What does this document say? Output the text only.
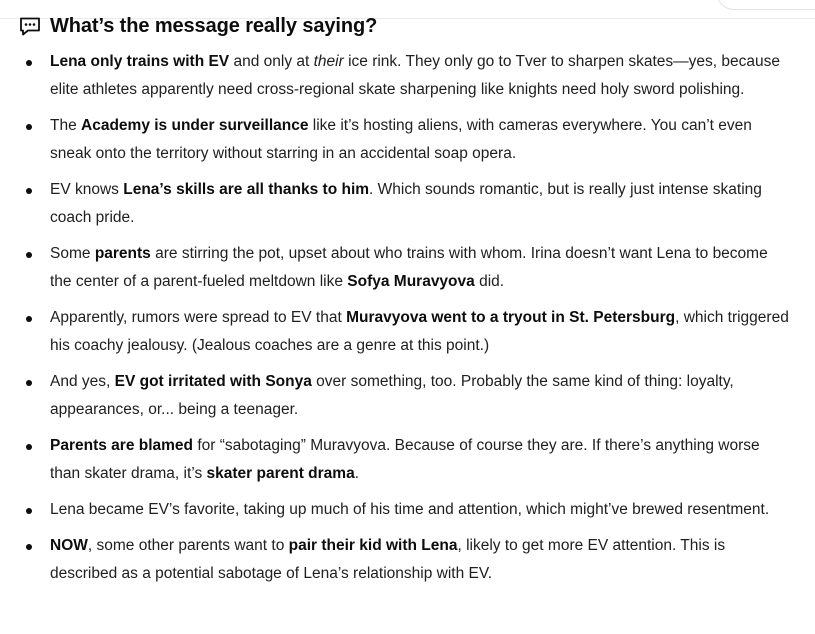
What’s the message really saying?
Lena only trains with EV and only at their ice rink. They only go to Tver to sharpen skates—yes, because elite athletes apparently need cross-regional skate sharpening like knights need holy sword polishing.
The Academy is under surveillance like it’s hosting aliens, with cameras everywhere. You can’t even sneak onto the territory without starring in an accidental soap opera.
EV knows Lena’s skills are all thanks to him. Which sounds romantic, but is really just intense skating coach pride.
Some parents are stirring the pot, upset about who trains with whom. Irina doesn’t want Lena to become the center of a parent-fueled meltdown like Sofya Muravyova did.
Apparently, rumors were spread to EV that Muravyova went to a tryout in St. Petersburg, which triggered his coachy jealousy. (Jealous coaches are a genre at this point.)
And yes, EV got irritated with Sonya over something, too. Probably the same kind of thing: loyalty, appearances, or... being a teenager.
Parents are blamed for “sabotaging” Muravyova. Because of course they are. If there’s anything worse than skater drama, it’s skater parent drama.
Lena became EV’s favorite, taking up much of his time and attention, which might’ve brewed resentment.
NOW, some other parents want to pair their kid with Lena, likely to get more EV attention. This is described as a potential sabotage of Lena’s relationship with EV.
